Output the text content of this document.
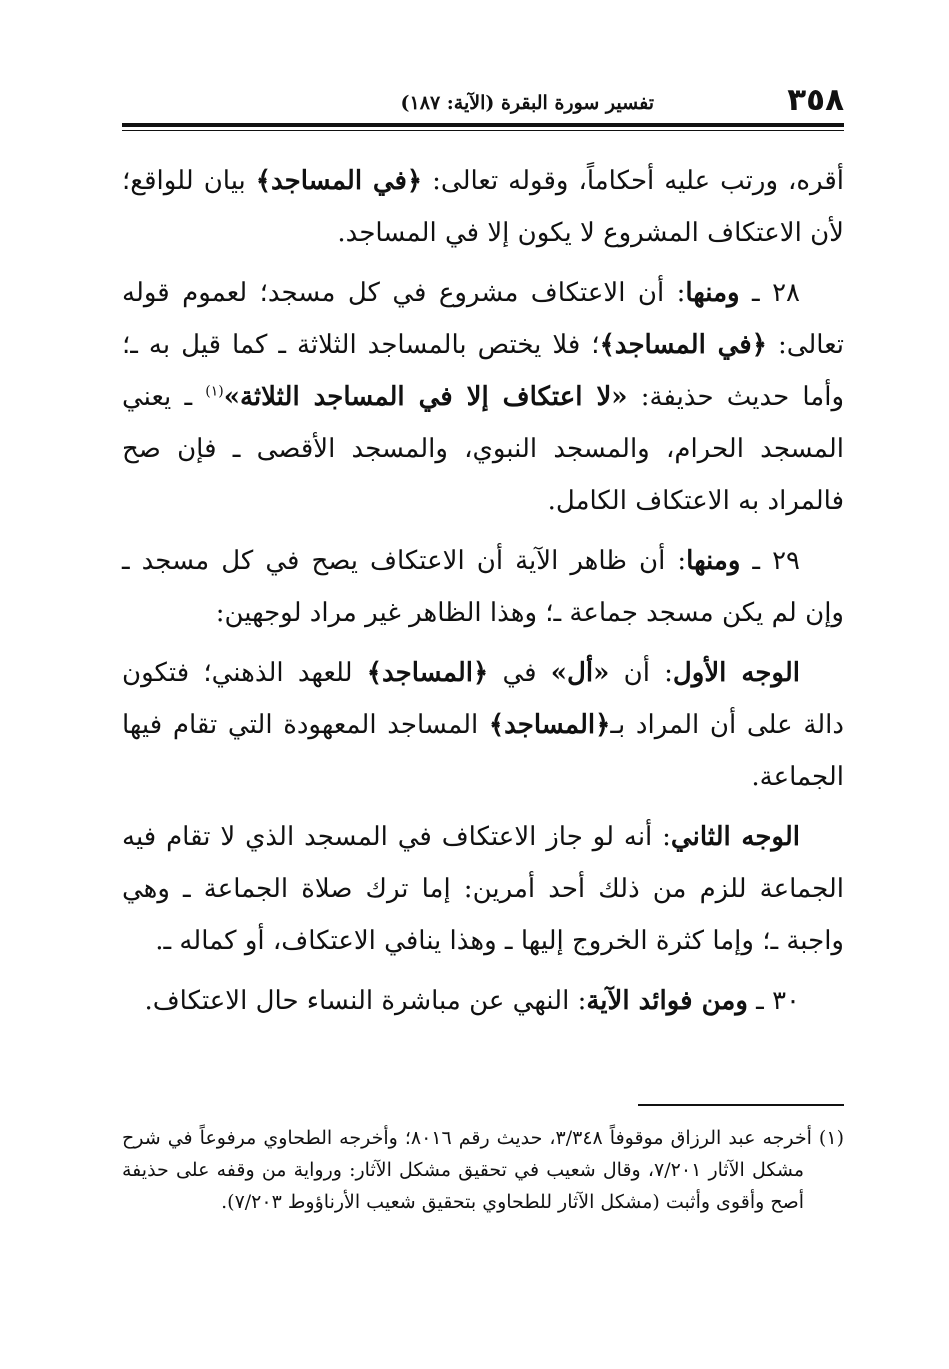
٣٥٨
تفسير سورة البقرة (الآية: ١٨٧)

أقره، ورتب عليه أحكاماً، وقوله تعالى: ﴿في المساجد﴾ بيان للواقع؛ لأن الاعتكاف المشروع لا يكون إلا في المساجد.

٢٨ ـ ومنها: أن الاعتكاف مشروع في كل مسجد؛ لعموم قوله تعالى: ﴿في المساجد﴾؛ فلا يختص بالمساجد الثلاثة ـ كما قيل به ـ؛ وأما حديث حذيفة: «لا اعتكاف إلا في المساجد الثلاثة»$^{(١)}$ ـ يعني المسجد الحرام، والمسجد النبوي، والمسجد الأقصى ـ فإن صح فالمراد به الاعتكاف الكامل.

٢٩ ـ ومنها: أن ظاهر الآية أن الاعتكاف يصح في كل مسجد ـ وإن لم يكن مسجد جماعة ـ؛ وهذا الظاهر غير مراد لوجهين:

الوجه الأول: أن «أل» في ﴿المساجد﴾ للعهد الذهني؛ فتكون دالة على أن المراد بـ﴿المساجد﴾ المساجد المعهودة التي تقام فيها الجماعة.

الوجه الثاني: أنه لو جاز الاعتكاف في المسجد الذي لا تقام فيه الجماعة للزم من ذلك أحد أمرين: إما ترك صلاة الجماعة ـ وهي واجبة ـ؛ وإما كثرة الخروج إليها ـ وهذا ينافي الاعتكاف، أو كماله ـ.

٣٠ ـ ومن فوائد الآية: النهي عن مباشرة النساء حال الاعتكاف.

(١) أخرجه عبد الرزاق موقوفاً ٣/٣٤٨، حديث رقم ٨٠١٦؛ وأخرجه الطحاوي مرفوعاً في شرح مشكل الآثار ٧/٢٠١، وقال شعيب في تحقيق مشكل الآثار: ورواية من وقفه على حذيفة أصح وأقوى وأثبت (مشكل الآثار للطحاوي بتحقيق شعيب الأرناؤوط ٧/٢٠٣).
